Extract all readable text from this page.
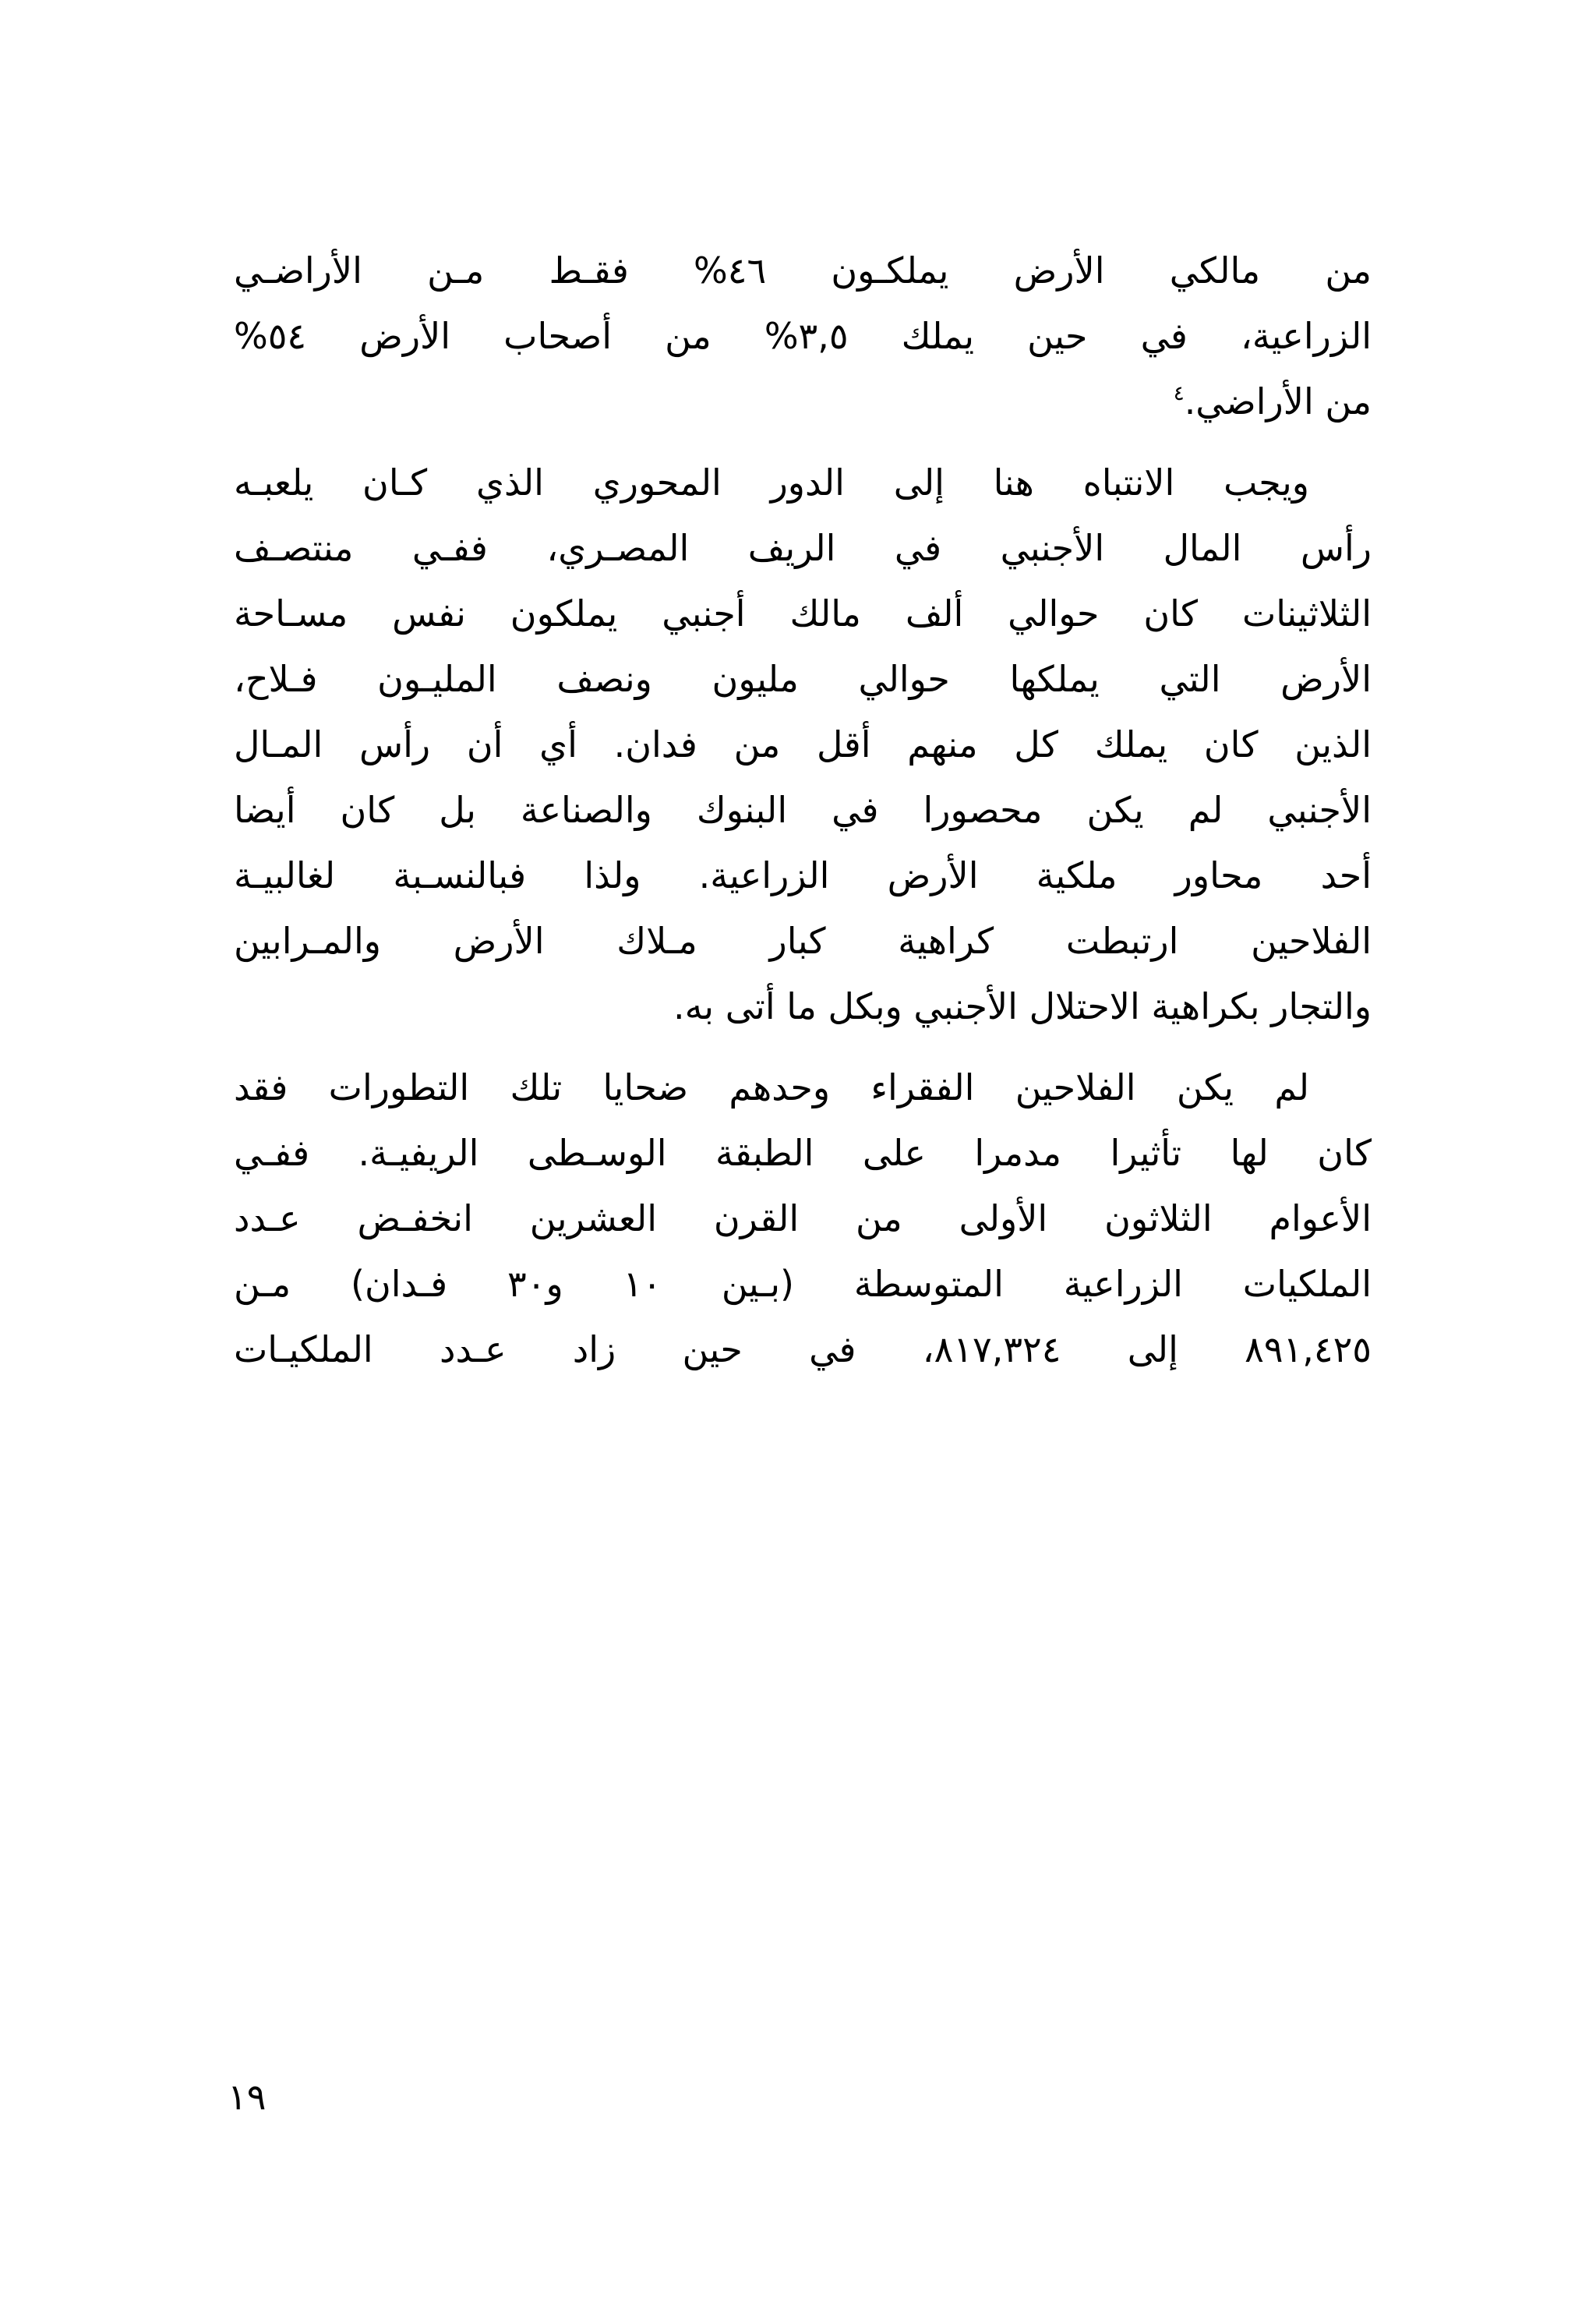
من مالكي الأرض يملكـون ٤٦% فقـط مـن الأراضـي
الزراعية، في حين يملك ٣,٥% من أصحاب الأرض ٥٤%
من الأراضي.$^٤$
ويجب الانتباه هنا إلى الدور المحوري الذي كـان يلعبـه
رأس المال الأجنبي في الريف المصـري، ففـي منتصـف
الثلاثينات كان حوالي ألف مالك أجنبي يملكون نفس مسـاحة
الأرض التي يملكها حوالي مليون ونصف المليـون فـلاح،
الذين كان يملك كل منهم أقل من فدان. أي أن رأس المـال
الأجنبي لم يكن محصورا في البنوك والصناعة بل كان أيضا
أحد محاور ملكية الأرض الزراعية. ولذا فبالنسـبة لغالبيـة
الفلاحين ارتبطت كراهية كبار مـلاك الأرض والمـرابين
والتجار بكراهية الاحتلال الأجنبي وبكل ما أتى به.
لم يكن الفلاحين الفقراء وحدهم ضحايا تلك التطورات فقد
كان لها تأثيرا مدمرا على الطبقة الوسـطى الريفيـة. ففـي
الأعوام الثلاثون الأولى من القرن العشرين انخفـض عـدد
الملكيات الزراعية المتوسطة (بـين ١٠ و٣٠ فـدان) مـن
٨٩١,٤٢٥ إلى ٨١٧,٣٢٤، في حين زاد عـدد الملكيـات
١٩
